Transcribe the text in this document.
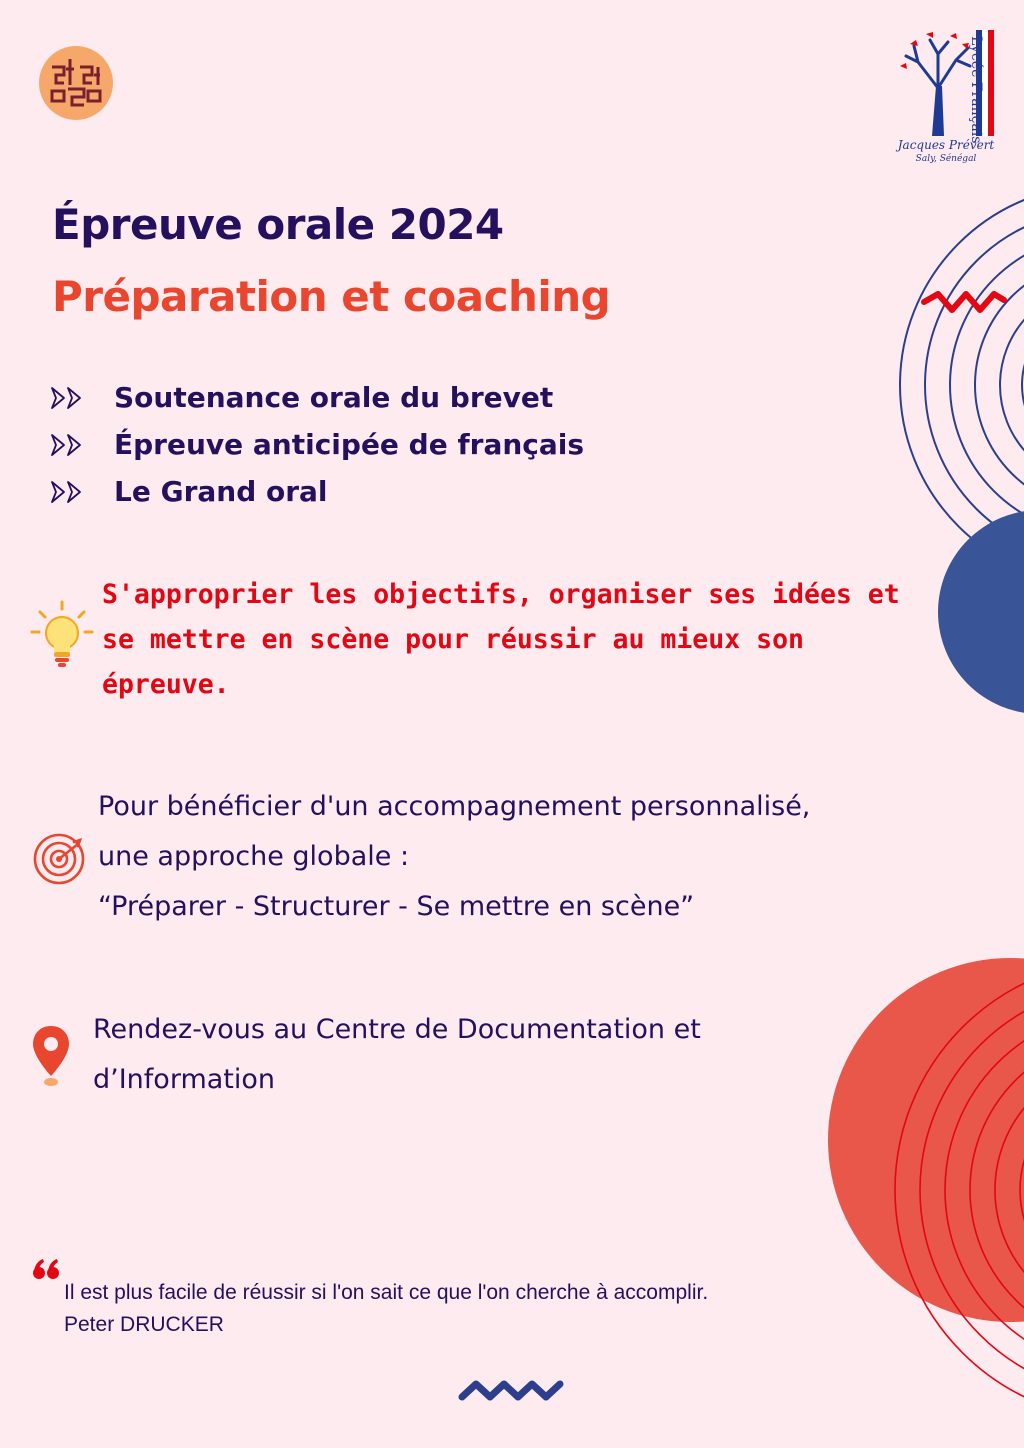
Lycée Français
Jacques Prévert
Saly, Sénégal
Épreuve orale 2024
Préparation et coaching
Soutenance orale du brevet
Épreuve anticipée de français
Le Grand oral

S'approprier les objectifs, organiser ses idées et se mettre en scène pour réussir au mieux son épreuve.

Pour bénéficier d'un accompagnement personnalisé,
une approche globale :
“Préparer - Structurer - Se mettre en scène”

Rendez-vous au Centre de Documentation et
d’Information

Il est plus facile de réussir si l'on sait ce que l'on cherche à accomplir.
Peter DRUCKER
